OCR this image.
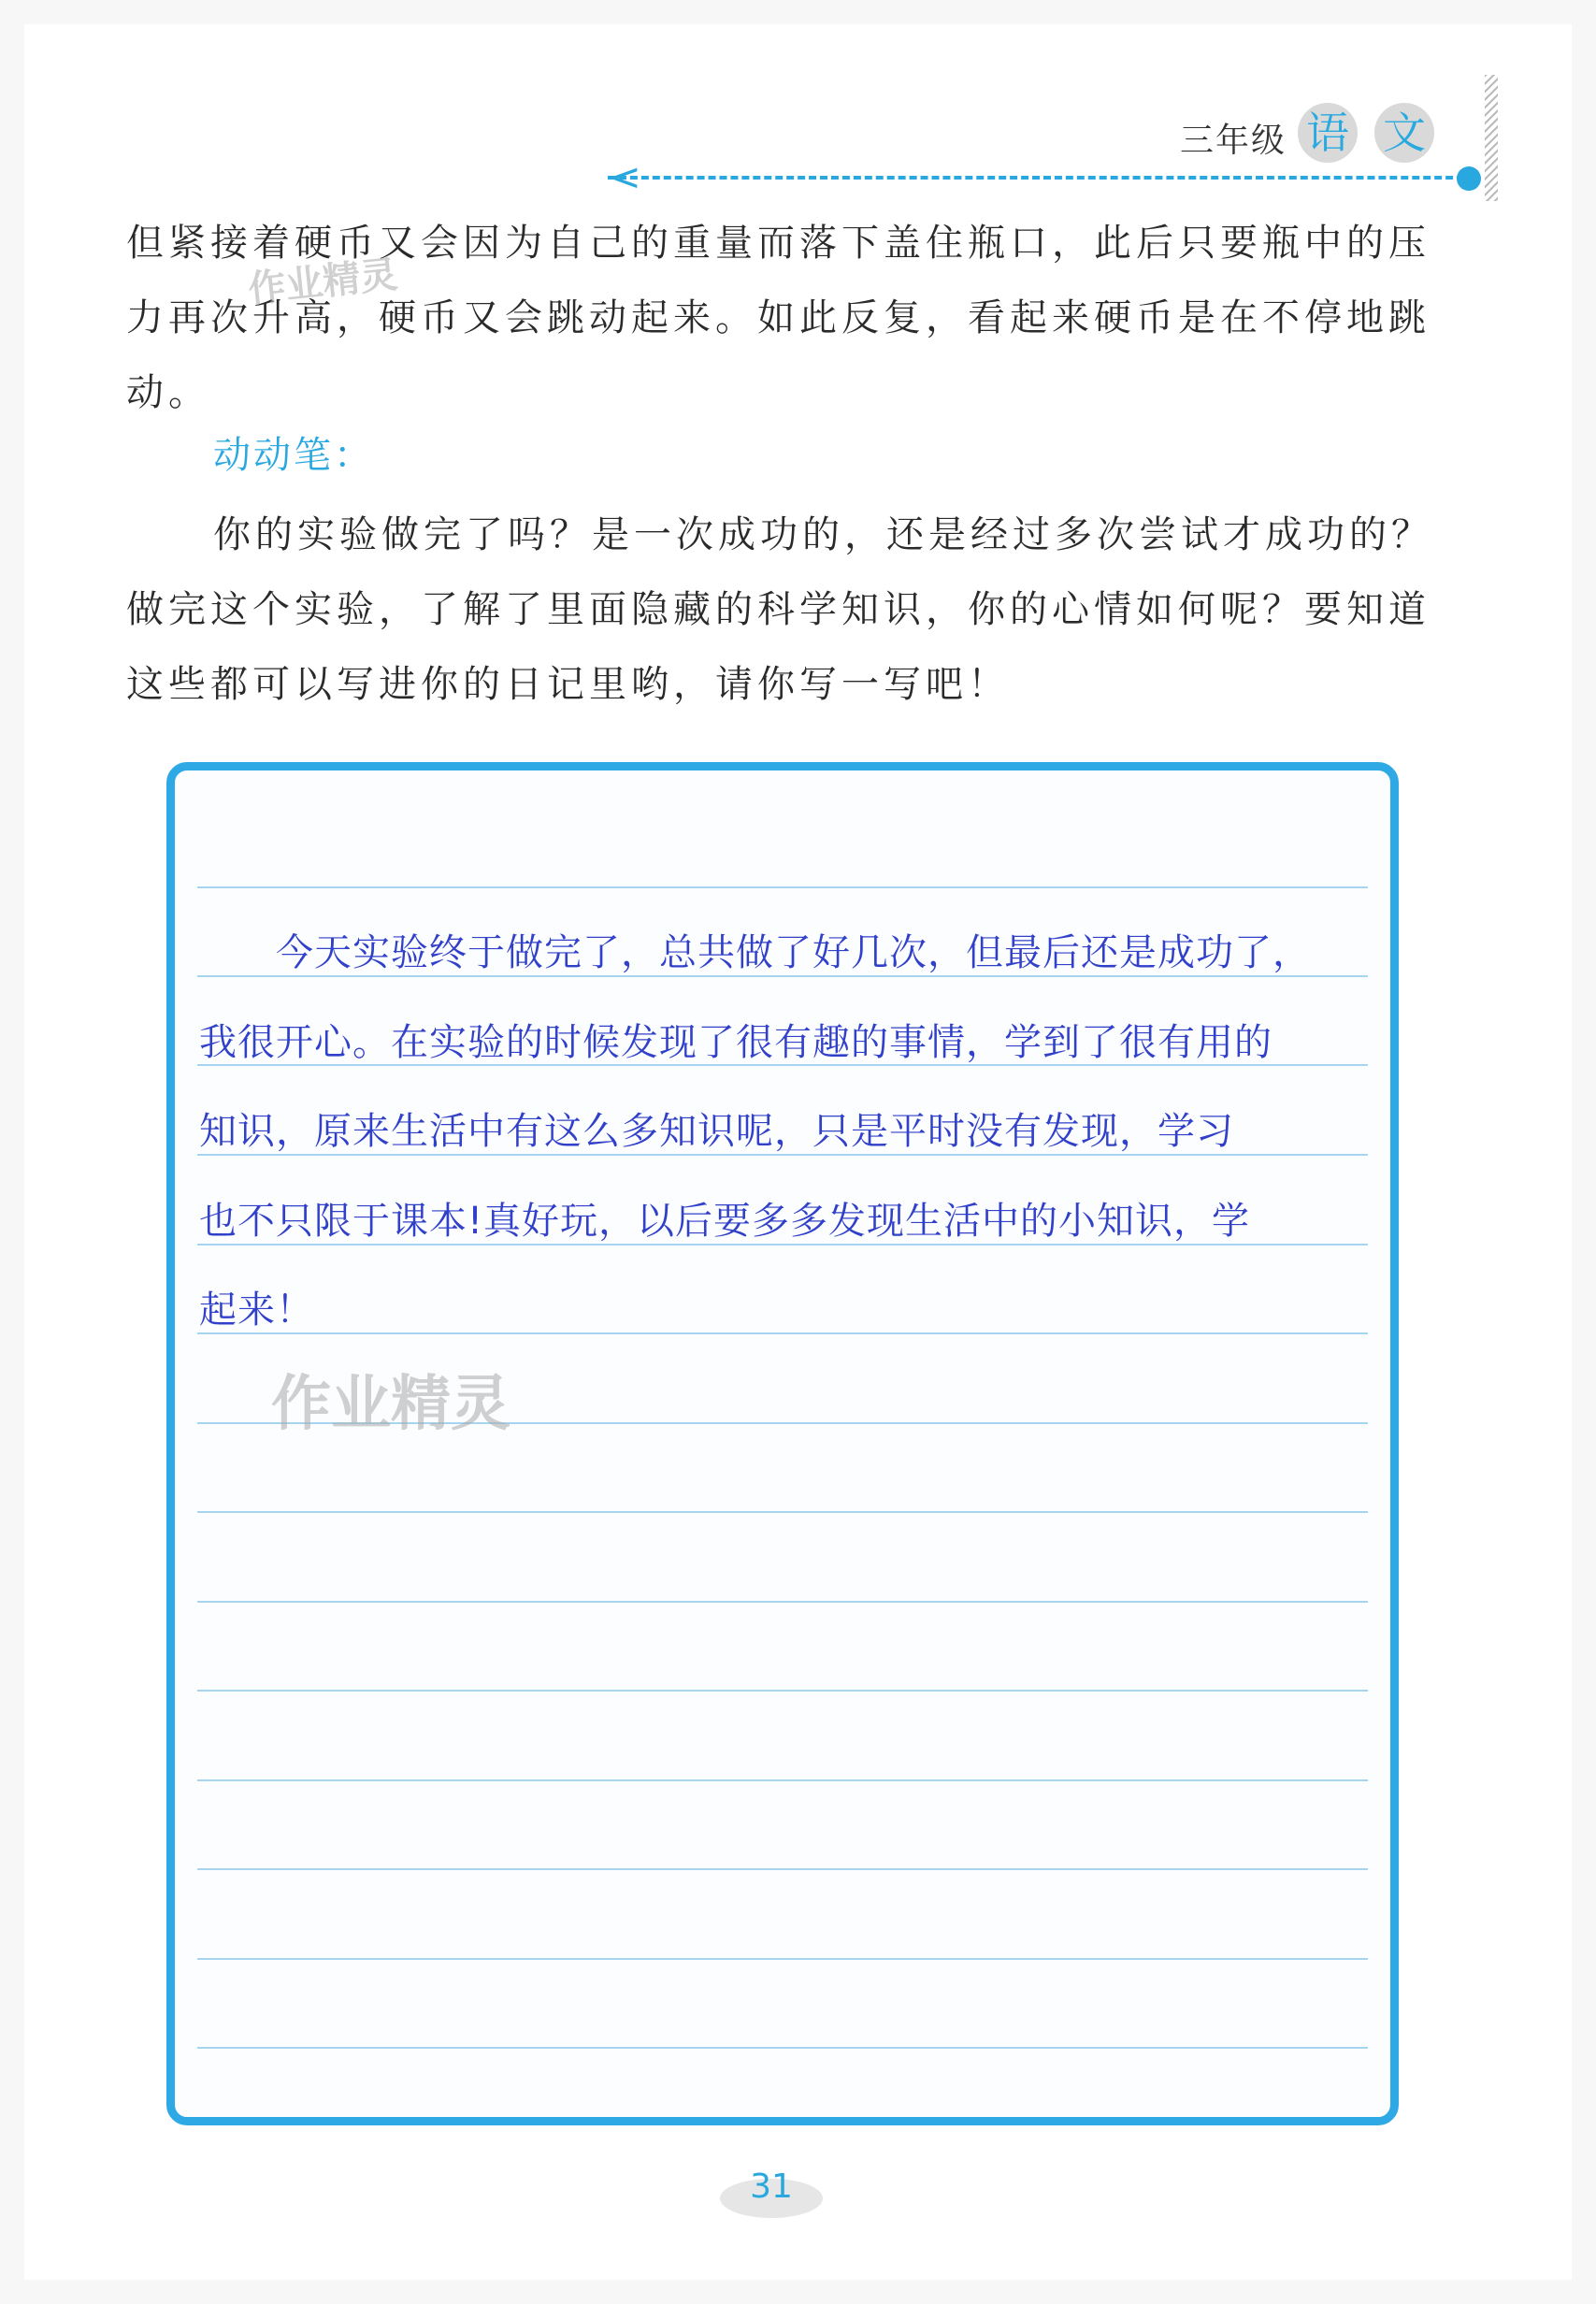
三年级 语 文
<
但紧接着硬币又会因为自己的重量而落下盖住瓶口，此后只要瓶中的压力再次升高，硬币又会跳动起来。如此反复，看起来硬币是在不停地跳动。
作业精灵
动动笔：
你的实验做完了吗？是一次成功的，还是经过多次尝试才成功的？做完这个实验，了解了里面隐藏的科学知识，你的心情如何呢？要知道这些都可以写进你的日记里哟，请你写一写吧！
　　今天实验终于做完了，总共做了好几次，但最后还是成功了，
我很开心。在实验的时候发现了很有趣的事情，学到了很有用的
知识，原来生活中有这么多知识呢，只是平时没有发现，学习
也不只限于课本!真好玩，以后要多多发现生活中的小知识，学
起来！
作业精灵
31
